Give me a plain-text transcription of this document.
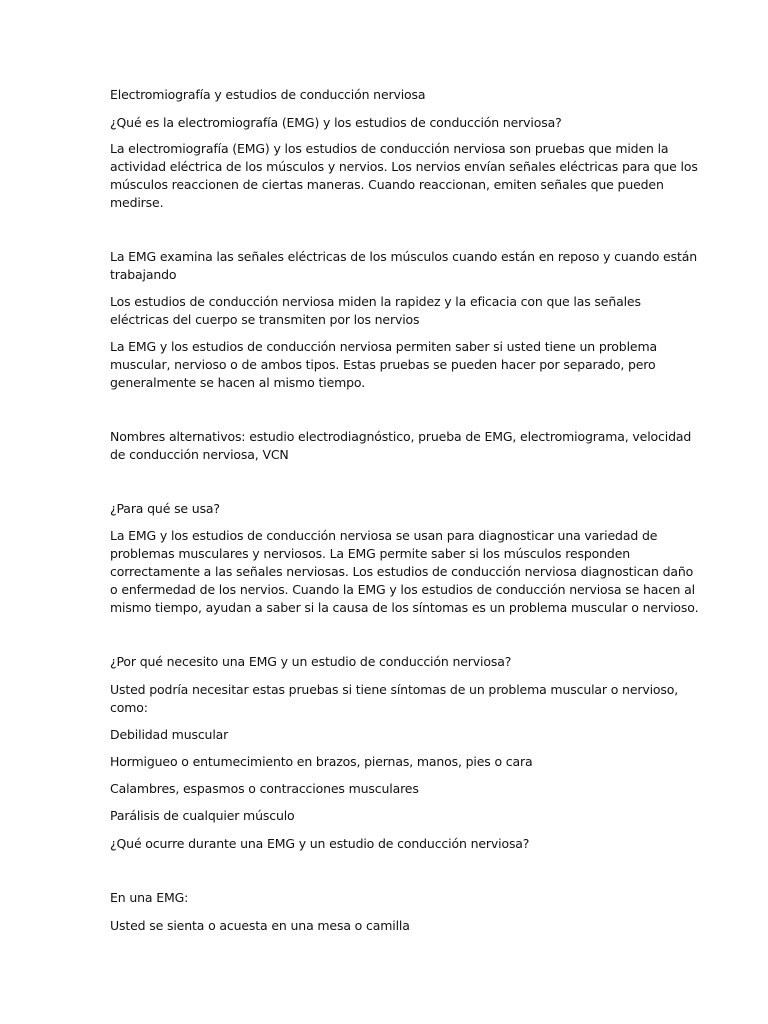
Electromiografía y estudios de conducción nerviosa

¿Qué es la electromiografía (EMG) y los estudios de conducción nerviosa?

La electromiografía (EMG) y los estudios de conducción nerviosa son pruebas que miden la

actividad eléctrica de los músculos y nervios. Los nervios envían señales eléctricas para que los

músculos reaccionen de ciertas maneras. Cuando reaccionan, emiten señales que pueden

medirse.

La EMG examina las señales eléctricas de los músculos cuando están en reposo y cuando están

trabajando

Los estudios de conducción nerviosa miden la rapidez y la eficacia con que las señales

eléctricas del cuerpo se transmiten por los nervios

La EMG y los estudios de conducción nerviosa permiten saber si usted tiene un problema

muscular, nervioso o de ambos tipos. Estas pruebas se pueden hacer por separado, pero

generalmente se hacen al mismo tiempo.

Nombres alternativos: estudio electrodiagnóstico, prueba de EMG, electromiograma, velocidad

de conducción nerviosa, VCN

¿Para qué se usa?

La EMG y los estudios de conducción nerviosa se usan para diagnosticar una variedad de

problemas musculares y nerviosos. La EMG permite saber si los músculos responden

correctamente a las señales nerviosas. Los estudios de conducción nerviosa diagnostican daño

o enfermedad de los nervios. Cuando la EMG y los estudios de conducción nerviosa se hacen al

mismo tiempo, ayudan a saber si la causa de los síntomas es un problema muscular o nervioso.

¿Por qué necesito una EMG y un estudio de conducción nerviosa?

Usted podría necesitar estas pruebas si tiene síntomas de un problema muscular o nervioso,

como:

Debilidad muscular

Hormigueo o entumecimiento en brazos, piernas, manos, pies o cara

Calambres, espasmos o contracciones musculares

Parálisis de cualquier músculo

¿Qué ocurre durante una EMG y un estudio de conducción nerviosa?

En una EMG:

Usted se sienta o acuesta en una mesa o camilla
